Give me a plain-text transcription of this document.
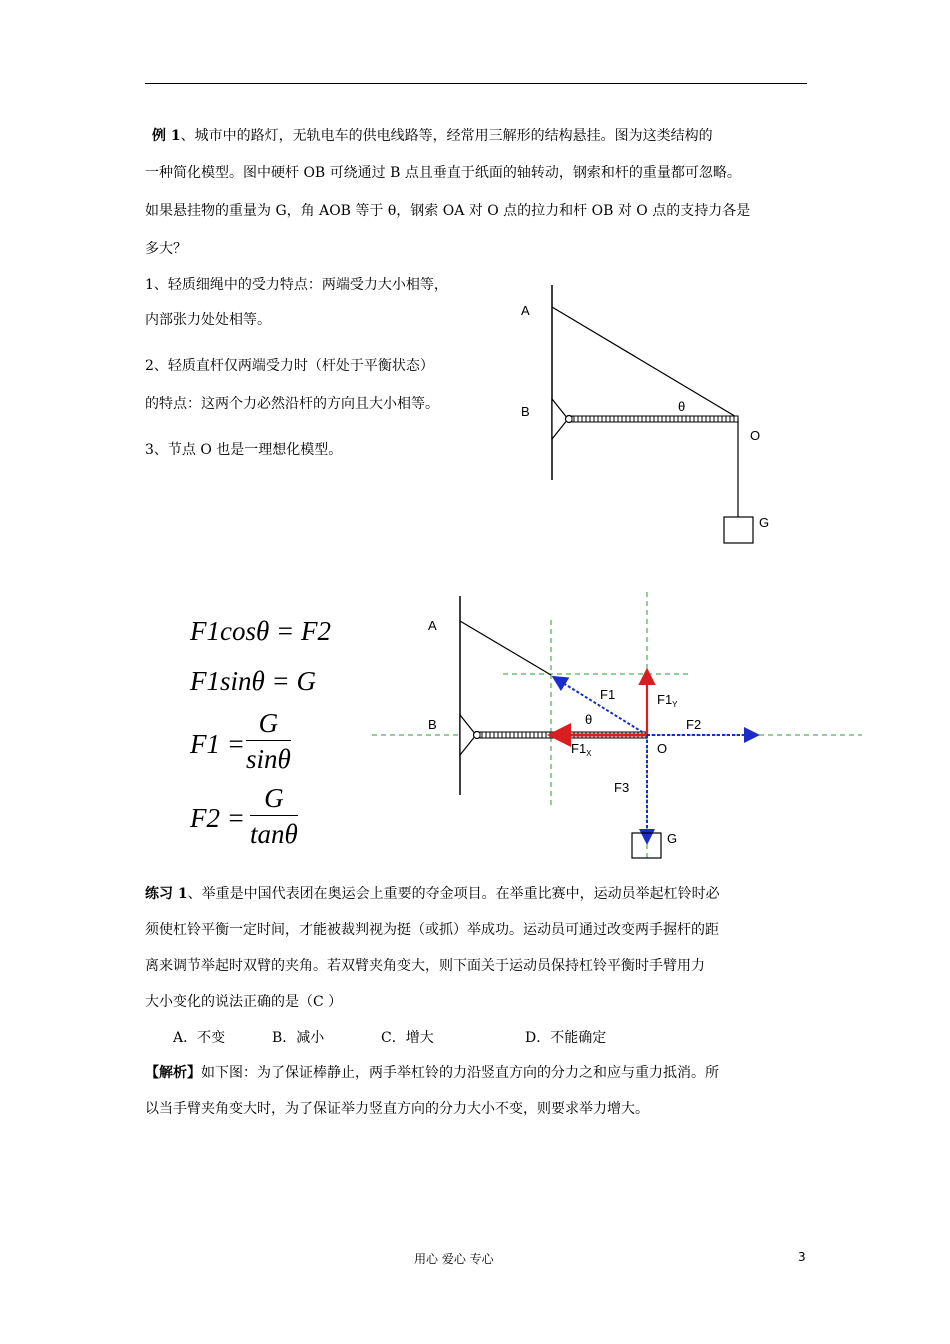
例 1、城市中的路灯，无轨电车的供电线路等，经常用三解形的结构悬挂。图为这类结构的
一种简化模型。图中硬杆 OB 可绕通过 B 点且垂直于纸面的轴转动，钢索和杆的重量都可忽略。
如果悬挂物的重量为 G，角 AOB 等于 θ，钢索 OA 对 O 点的拉力和杆 OB 对 O 点的支持力各是
多大？
1、轻质细绳中的受力特点：两端受力大小相等，
内部张力处处相等。
2、轻质直杆仅两端受力时（杆处于平衡状态）
的特点：这两个力必然沿杆的方向且大小相等。
3、节点 O 也是一理想化模型。
A
B
O
G
θ
F1cosθ = F2
F1sinθ = G
$F1 = \frac{G}{\sin\theta}$
$F2 = \frac{G}{\tan\theta}$
A
B
O
G
θ
F1	$F1_Y$
$F1_X$
F2
F3
练习 1、举重是中国代表团在奥运会上重要的夺金项目。在举重比赛中，运动员举起杠铃时必
须使杠铃平衡一定时间，才能被裁判视为挺（或抓）举成功。运动员可通过改变两手握杆的距
离来调节举起时双臂的夹角。若双臂夹角变大，则下面关于运动员保持杠铃平衡时手臂用力
大小变化的说法正确的是（C ）
A．不变	B．减小	C．增大	D．不能确定
【解析】如下图：为了保证棒静止，两手举杠铃的力沿竖直方向的分力之和应与重力抵消。所
以当手臂夹角变大时，为了保证举力竖直方向的分力大小不变，则要求举力增大。
用心 爱心 专心	3
